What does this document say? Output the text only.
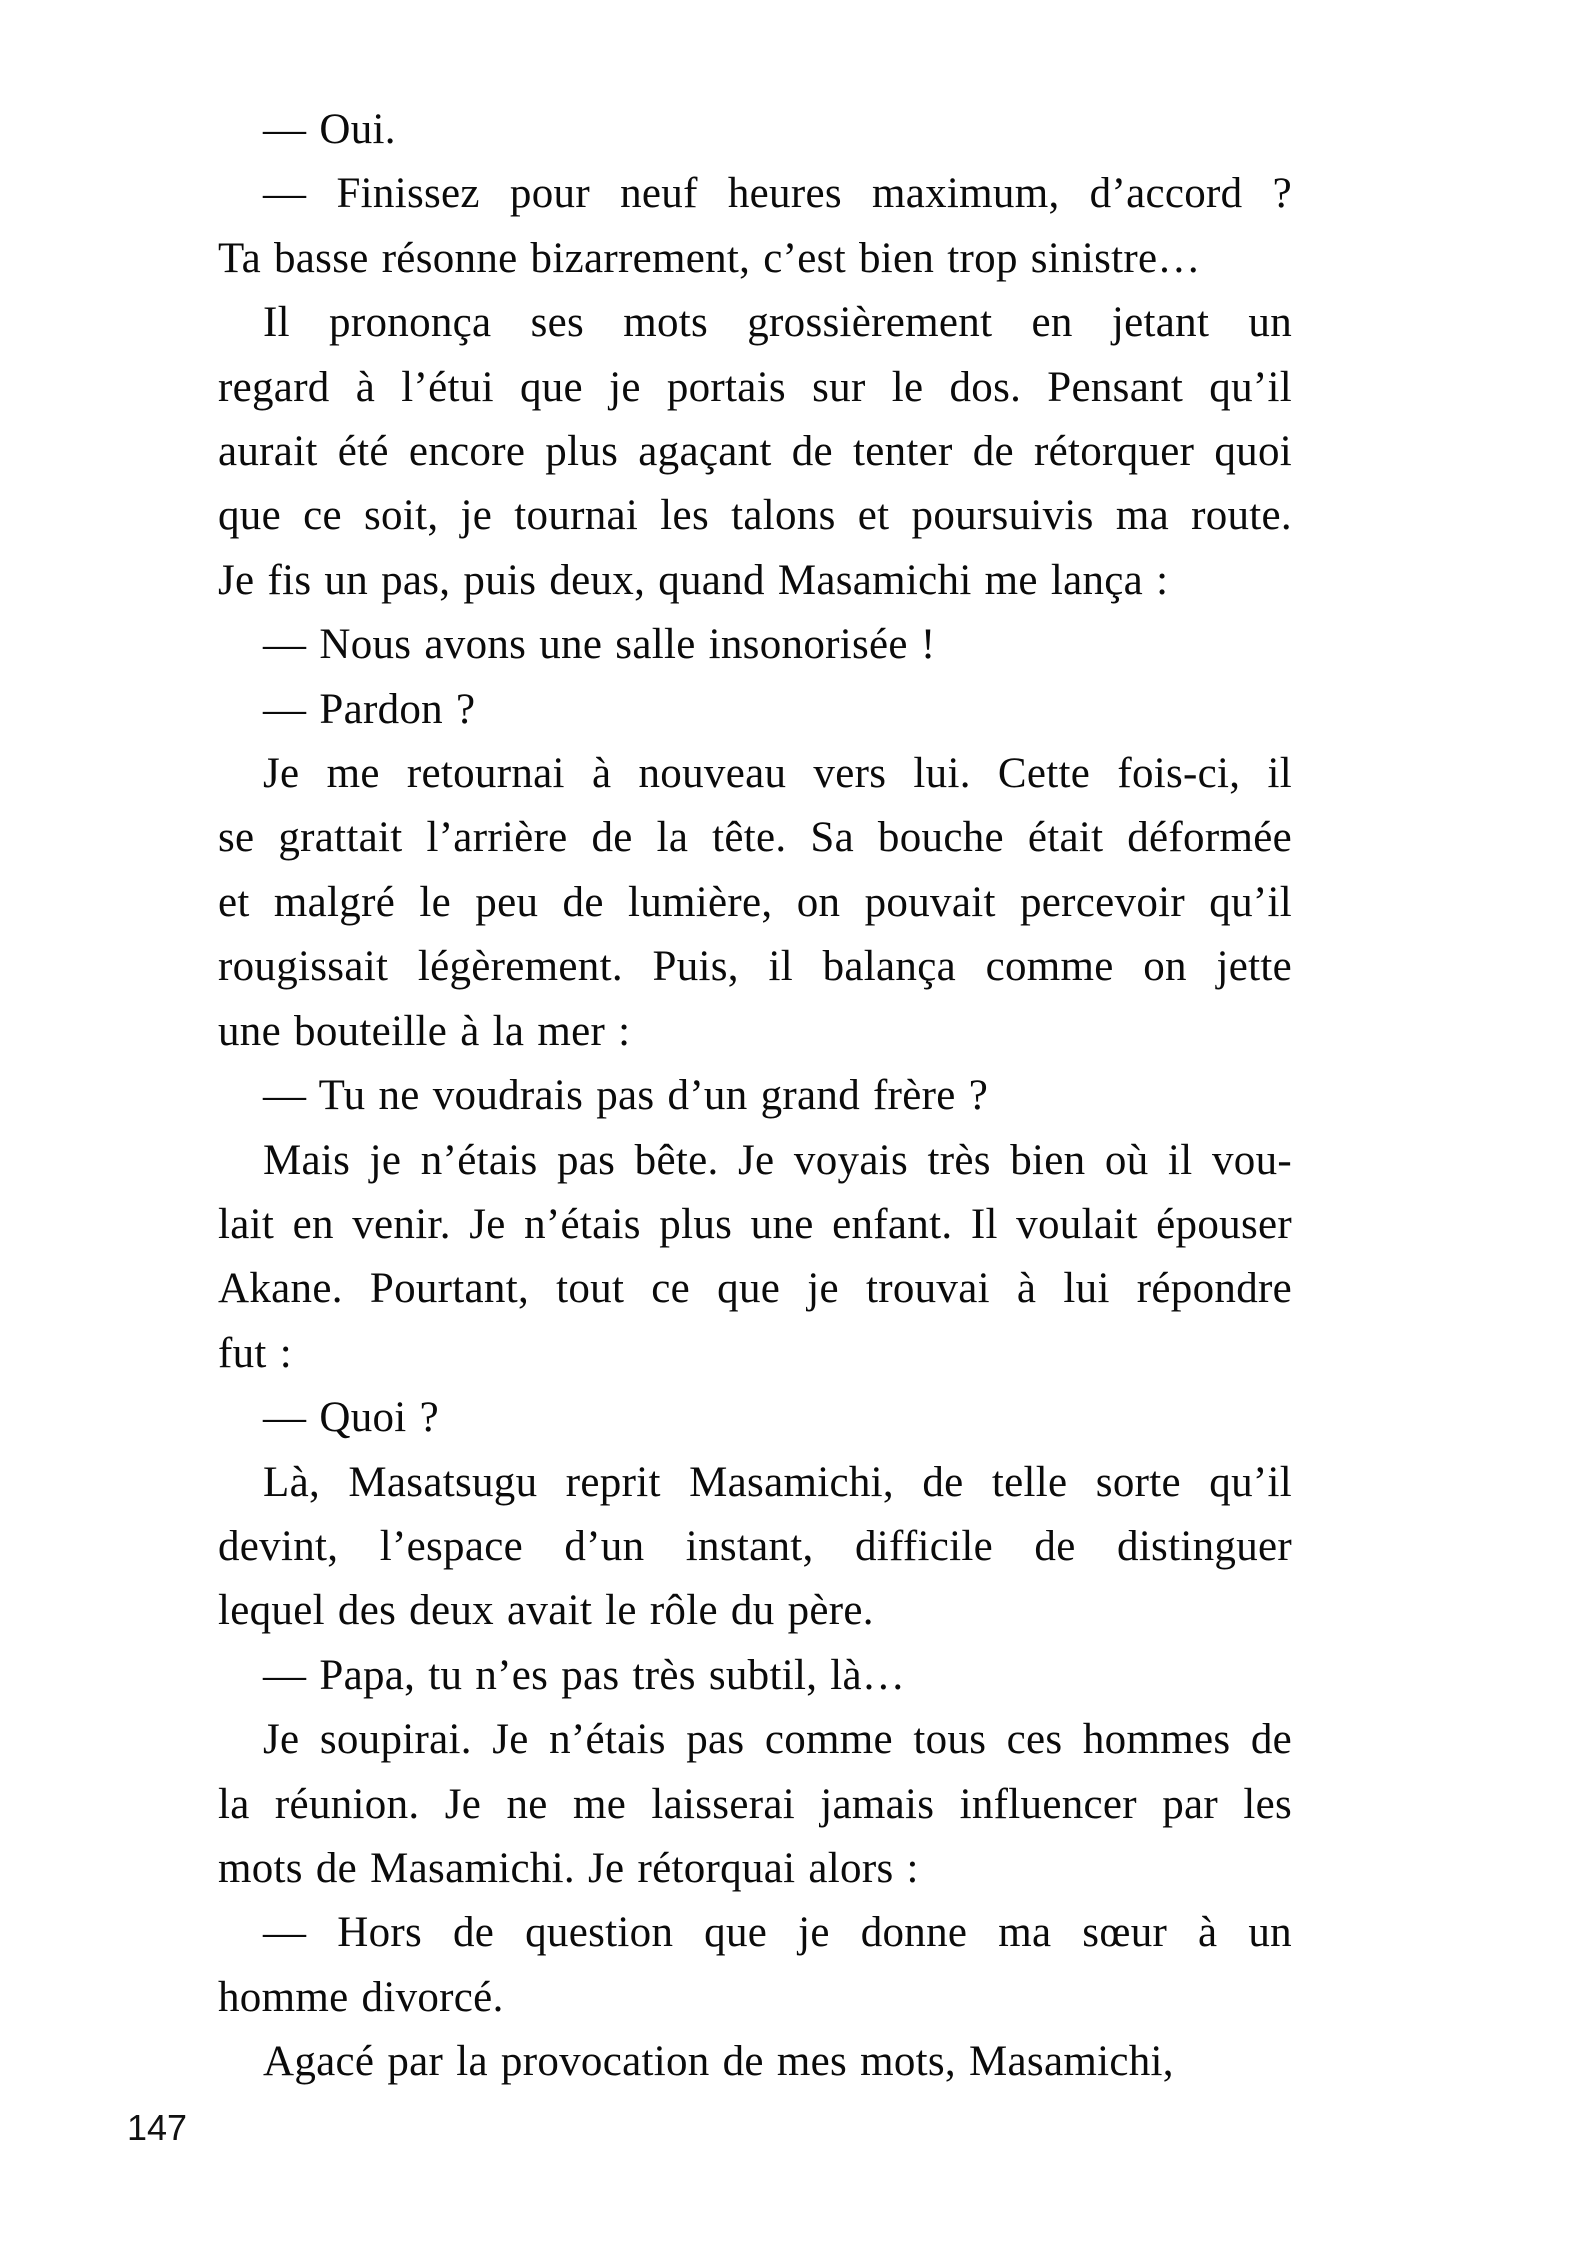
— Oui.
— Finissez pour neuf heures maximum, d’accord ?
Ta basse résonne bizarrement, c’est bien trop sinistre…
Il prononça ses mots grossièrement en jetant un
regard à l’étui que je portais sur le dos. Pensant qu’il
aurait été encore plus agaçant de tenter de rétorquer quoi
que ce soit, je tournai les talons et poursuivis ma route.
Je fis un pas, puis deux, quand Masamichi me lança :
— Nous avons une salle insonorisée !
— Pardon ?
Je me retournai à nouveau vers lui. Cette fois-ci, il
se grattait l’arrière de la tête. Sa bouche était déformée
et malgré le peu de lumière, on pouvait percevoir qu’il
rougissait légèrement. Puis, il balança comme on jette
une bouteille à la mer :
— Tu ne voudrais pas d’un grand frère ?
Mais je n’étais pas bête. Je voyais très bien où il vou-
lait en venir. Je n’étais plus une enfant. Il voulait épouser
Akane. Pourtant, tout ce que je trouvai à lui répondre
fut :
— Quoi ?
Là, Masatsugu reprit Masamichi, de telle sorte qu’il
devint, l’espace d’un instant, difficile de distinguer
lequel des deux avait le rôle du père.
— Papa, tu n’es pas très subtil, là…
Je soupirai. Je n’étais pas comme tous ces hommes de
la réunion. Je ne me laisserai jamais influencer par les
mots de Masamichi. Je rétorquai alors :
— Hors de question que je donne ma sœur à un
homme divorcé.
Agacé par la provocation de mes mots, Masamichi,
147
